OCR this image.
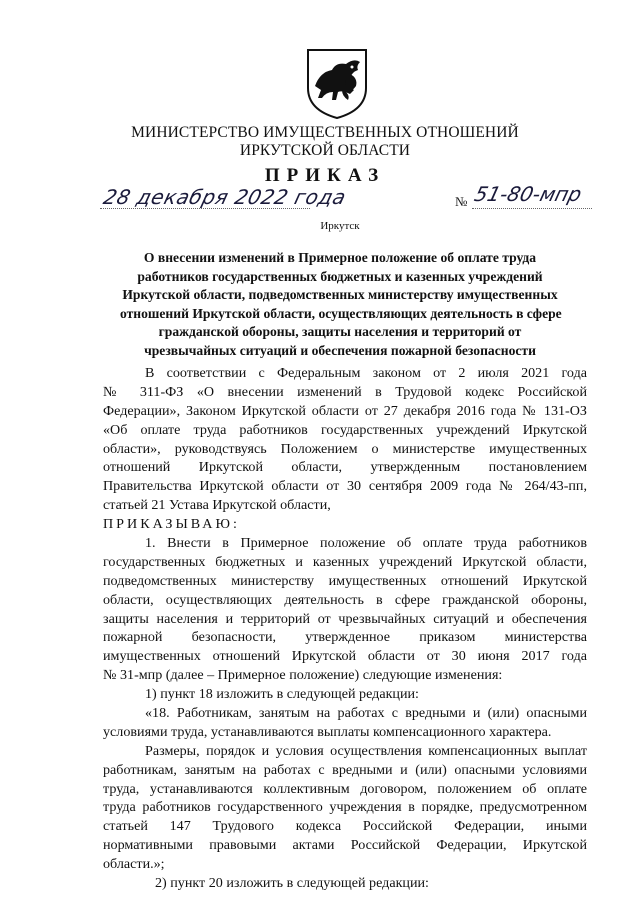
МИНИСТЕРСТВО ИМУЩЕСТВЕННЫХ ОТНОШЕНИЙ
ИРКУТСКОЙ ОБЛАСТИ
ПРИКАЗ
28 декабря 2022 года	№ 51-80-мпр
Иркутск
О внесении изменений в Примерное положение об оплате труда
работников государственных бюджетных и казенных учреждений
Иркутской области, подведомственных министерству имущественных
отношений Иркутской области, осуществляющих деятельность в сфере
гражданской обороны, защиты населения и территорий от
чрезвычайных ситуаций и обеспечения пожарной безопасности
В соответствии с Федеральным законом от 2 июля 2021 года
№ 311-ФЗ «О внесении изменений в Трудовой кодекс Российской
Федерации», Законом Иркутской области от 27 декабря 2016 года № 131-ОЗ
«Об оплате труда работников государственных учреждений Иркутской
области», руководствуясь Положением о министерстве имущественных
отношений Иркутской области, утвержденным постановлением
Правительства Иркутской области от 30 сентября 2009 года № 264/43-пп,
статьей 21 Устава Иркутской области,
ПРИКАЗЫВАЮ:
1. Внести в Примерное положение об оплате труда работников
государственных бюджетных и казенных учреждений Иркутской области,
подведомственных министерству имущественных отношений Иркутской
области, осуществляющих деятельность в сфере гражданской обороны,
защиты населения и территорий от чрезвычайных ситуаций и обеспечения
пожарной безопасности, утвержденное приказом министерства
имущественных отношений Иркутской области от 30 июня 2017 года
№ 31-мпр (далее – Примерное положение) следующие изменения:
1) пункт 18 изложить в следующей редакции:
«18. Работникам, занятым на работах с вредными и (или) опасными
условиями труда, устанавливаются выплаты компенсационного характера.
Размеры, порядок и условия осуществления компенсационных выплат
работникам, занятым на работах с вредными и (или) опасными условиями
труда, устанавливаются коллективным договором, положением об оплате
труда работников государственного учреждения в порядке, предусмотренном
статьей 147 Трудового кодекса Российской Федерации, иными
нормативными правовыми актами Российской Федерации, Иркутской
области.»;
2) пункт 20 изложить в следующей редакции:
